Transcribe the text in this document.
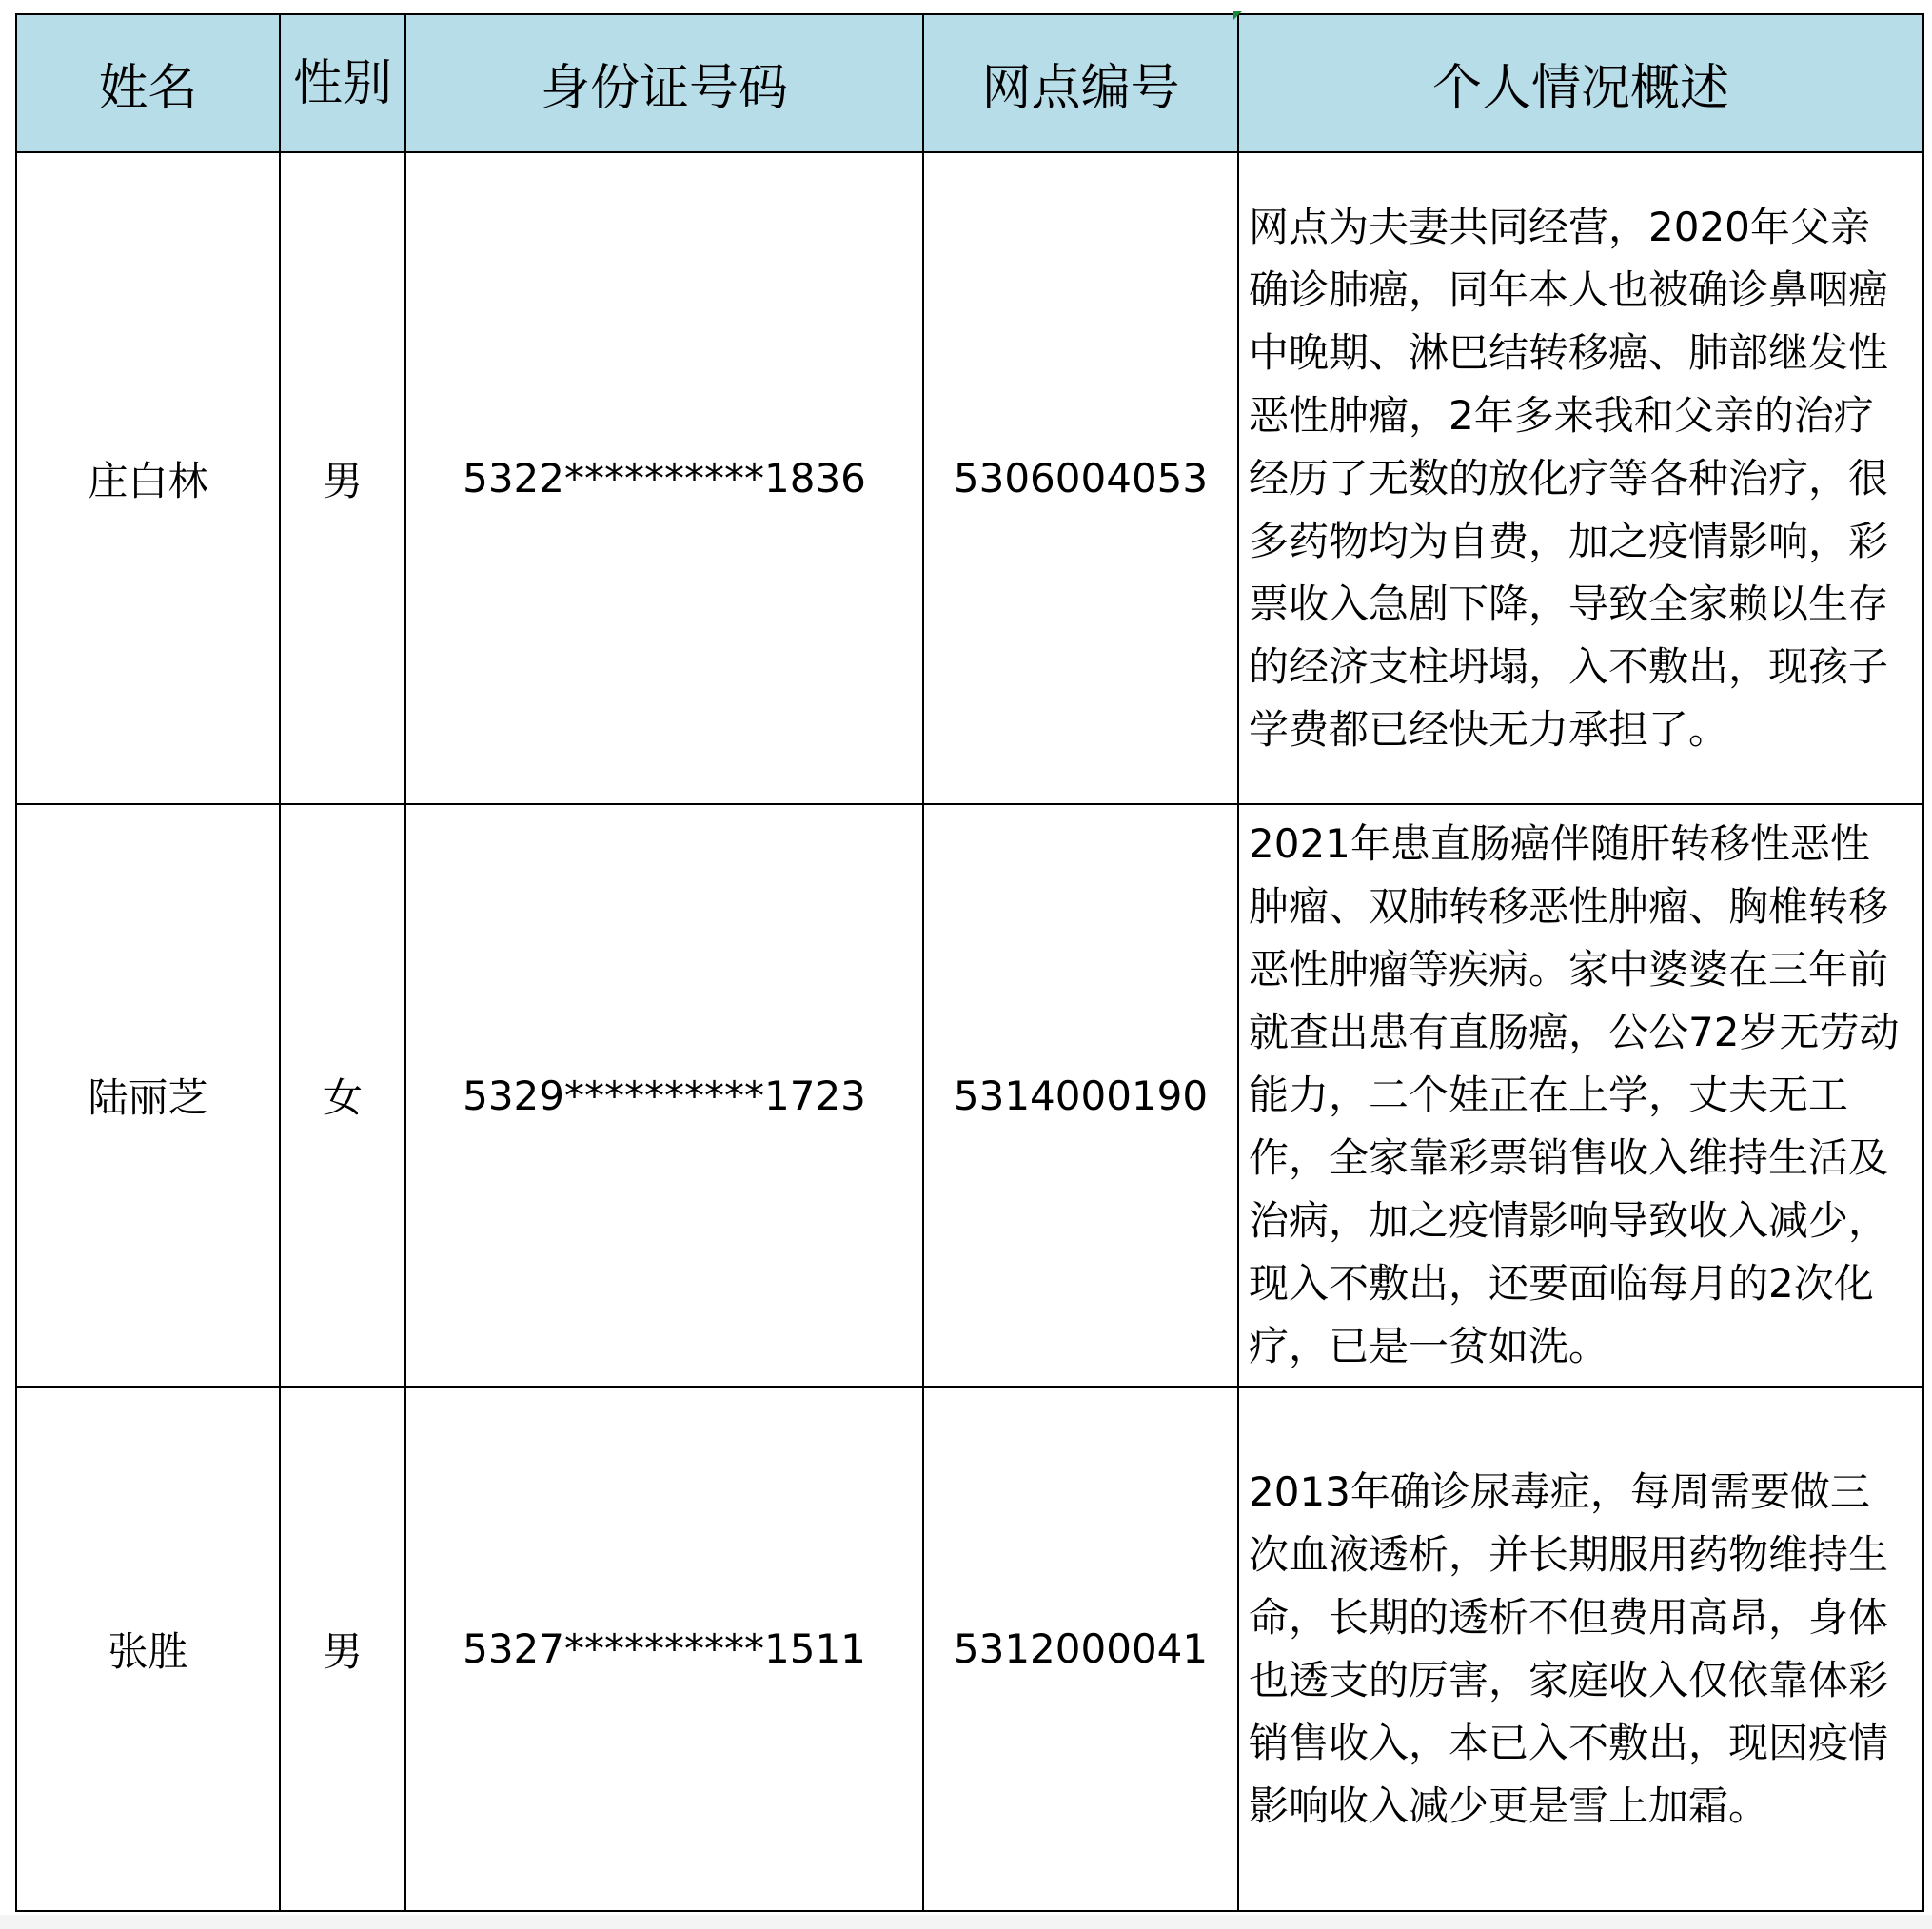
姓名	性别	身份证号码	网点编号	个人情况概述
庄白林	男	5322**********1836	5306004053	网点为夫妻共同经营，2020年父亲确诊肺癌，同年本人也被确诊鼻咽癌中晚期、淋巴结转移癌、肺部继发性恶性肿瘤，2年多来我和父亲的治疗经历了无数的放化疗等各种治疗，很多药物均为自费，加之疫情影响，彩票收入急剧下降，导致全家赖以生存的经济支柱坍塌，入不敷出，现孩子学费都已经快无力承担了。
陆丽芝	女	5329**********1723	5314000190	2021年患直肠癌伴随肝转移性恶性肿瘤、双肺转移恶性肿瘤、胸椎转移恶性肿瘤等疾病。家中婆婆在三年前就查出患有直肠癌，公公72岁无劳动能力，二个娃正在上学，丈夫无工作，全家靠彩票销售收入维持生活及治病，加之疫情影响导致收入减少，现入不敷出，还要面临每月的2次化疗，已是一贫如洗。
张胜	男	5327**********1511	5312000041	2013年确诊尿毒症，每周需要做三次血液透析，并长期服用药物维持生命，长期的透析不但费用高昂，身体也透支的厉害，家庭收入仅依靠体彩销售收入，本已入不敷出，现因疫情影响收入减少更是雪上加霜。
